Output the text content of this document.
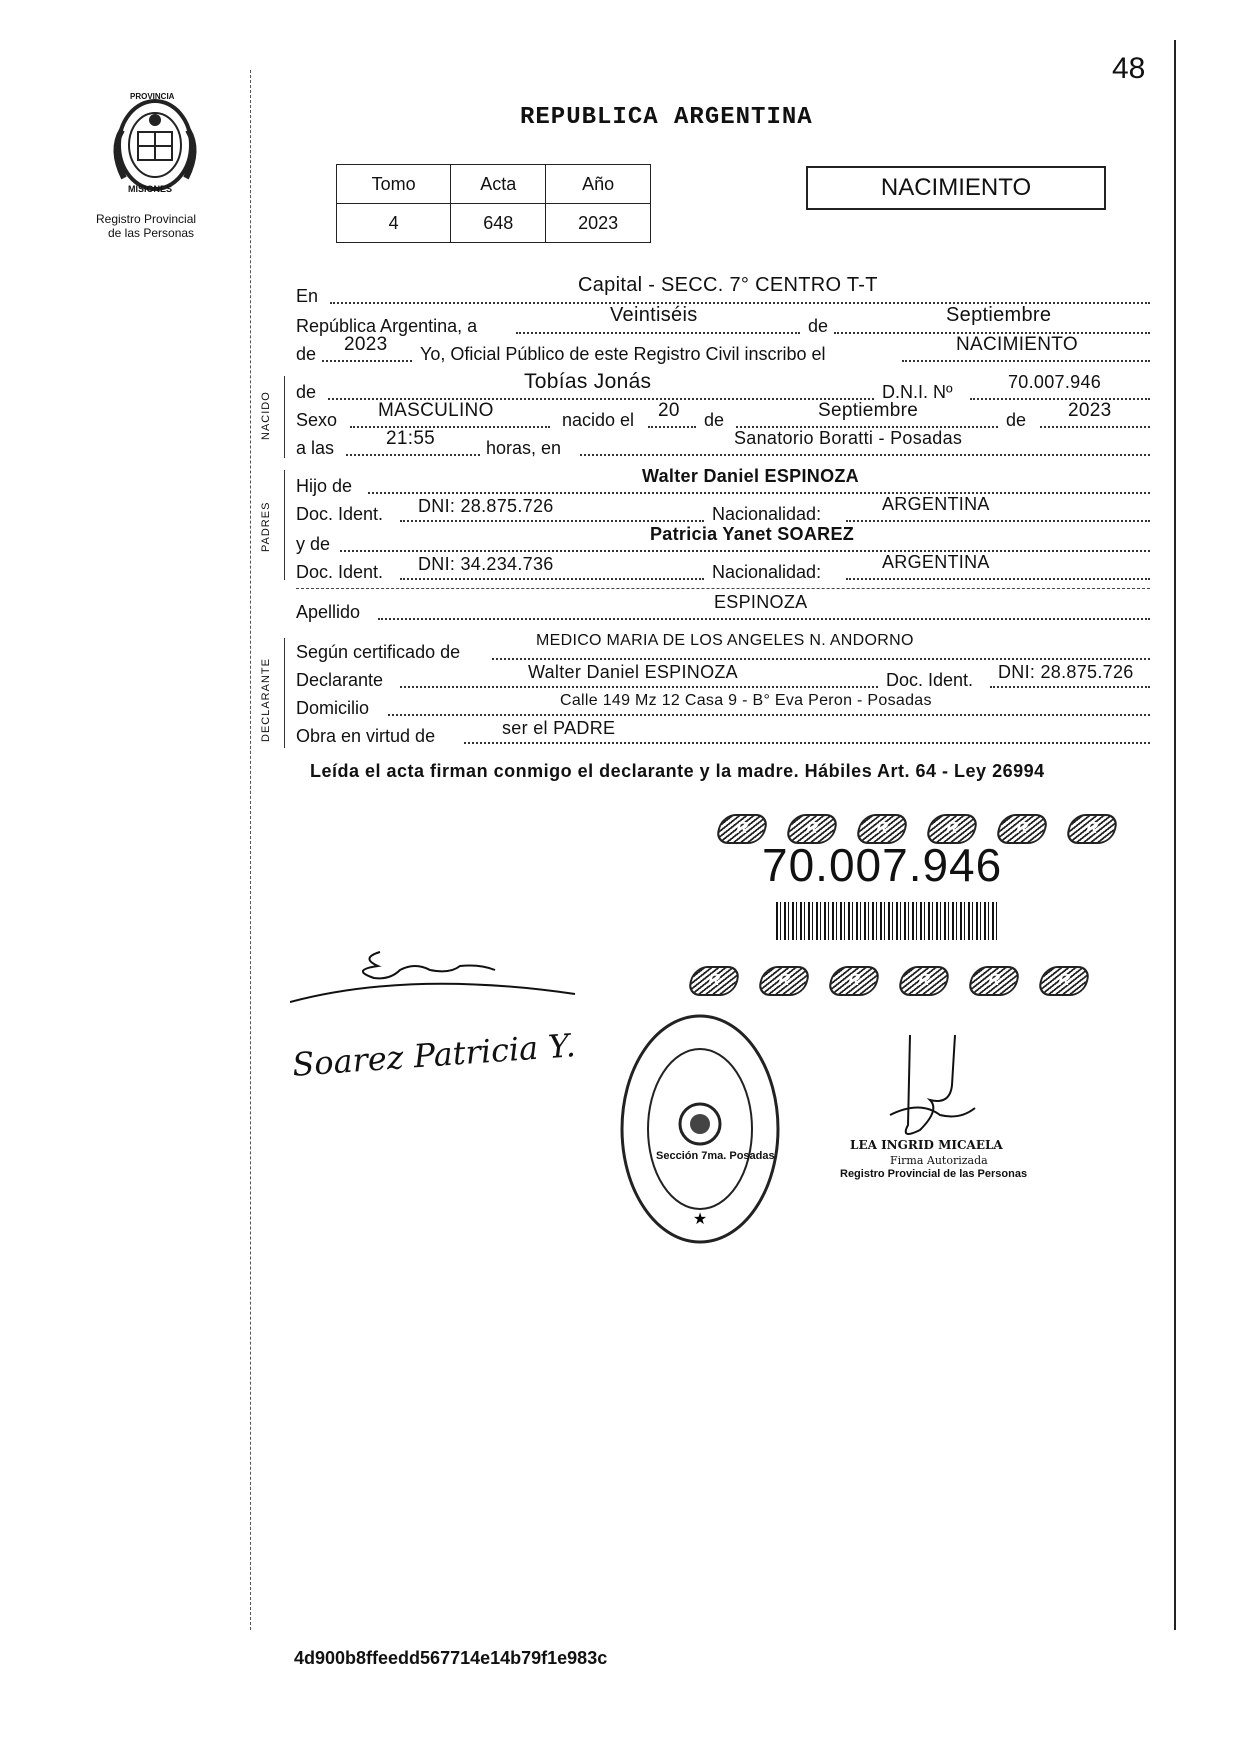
48
PROVINCIA
MISIONES
Registro Provincial
de las Personas
REPUBLICA ARGENTINA
Tomo	Acta	Año
4	648	2023
NACIMIENTO
NACIDO
PADRES
DECLARANTE
En	Capital - SECC. 7° CENTRO T-T
República Argentina, a	Veintiséis	de	Septiembre
de 2023 Yo, Oficial Público de este Registro Civil inscribo el	NACIMIENTO
de	Tobías Jonás	D.N.I. Nº	70.007.946
Sexo MASCULINO	nacido el 20 de	Septiembre	de 2023
a las	21:55	horas, en	Sanatorio Boratti - Posadas
Hijo de	Walter Daniel ESPINOZA
Doc. Ident. DNI: 28.875.726	Nacionalidad:	ARGENTINA
y de	Patricia Yanet SOAREZ
Doc. Ident. DNI: 34.234.736	Nacionalidad:	ARGENTINA
Apellido	ESPINOZA
Según certificado de
MEDICO MARIA DE LOS ANGELES N. ANDORNO
Declarante	Walter Daniel ESPINOZA	Doc. Ident. DNI: 28.875.726
Domicilio	Calle 149 Mz 12 Casa 9 - B° Eva Peron - Posadas
Obra en virtud de	ser el PADRE
Leída el acta firman conmigo el declarante y la madre. Hábiles Art. 64 - Ley 26994
R	R	R	R	R	R
70.007.946
R	R	R	R	R	R
Soarez Patricia Y.
★
Sección 7ma. Posadas
LEA INGRID MICAELA
Firma Autorizada
Registro Provincial de las Personas
4d900b8ffeedd567714e14b79f1e983c
